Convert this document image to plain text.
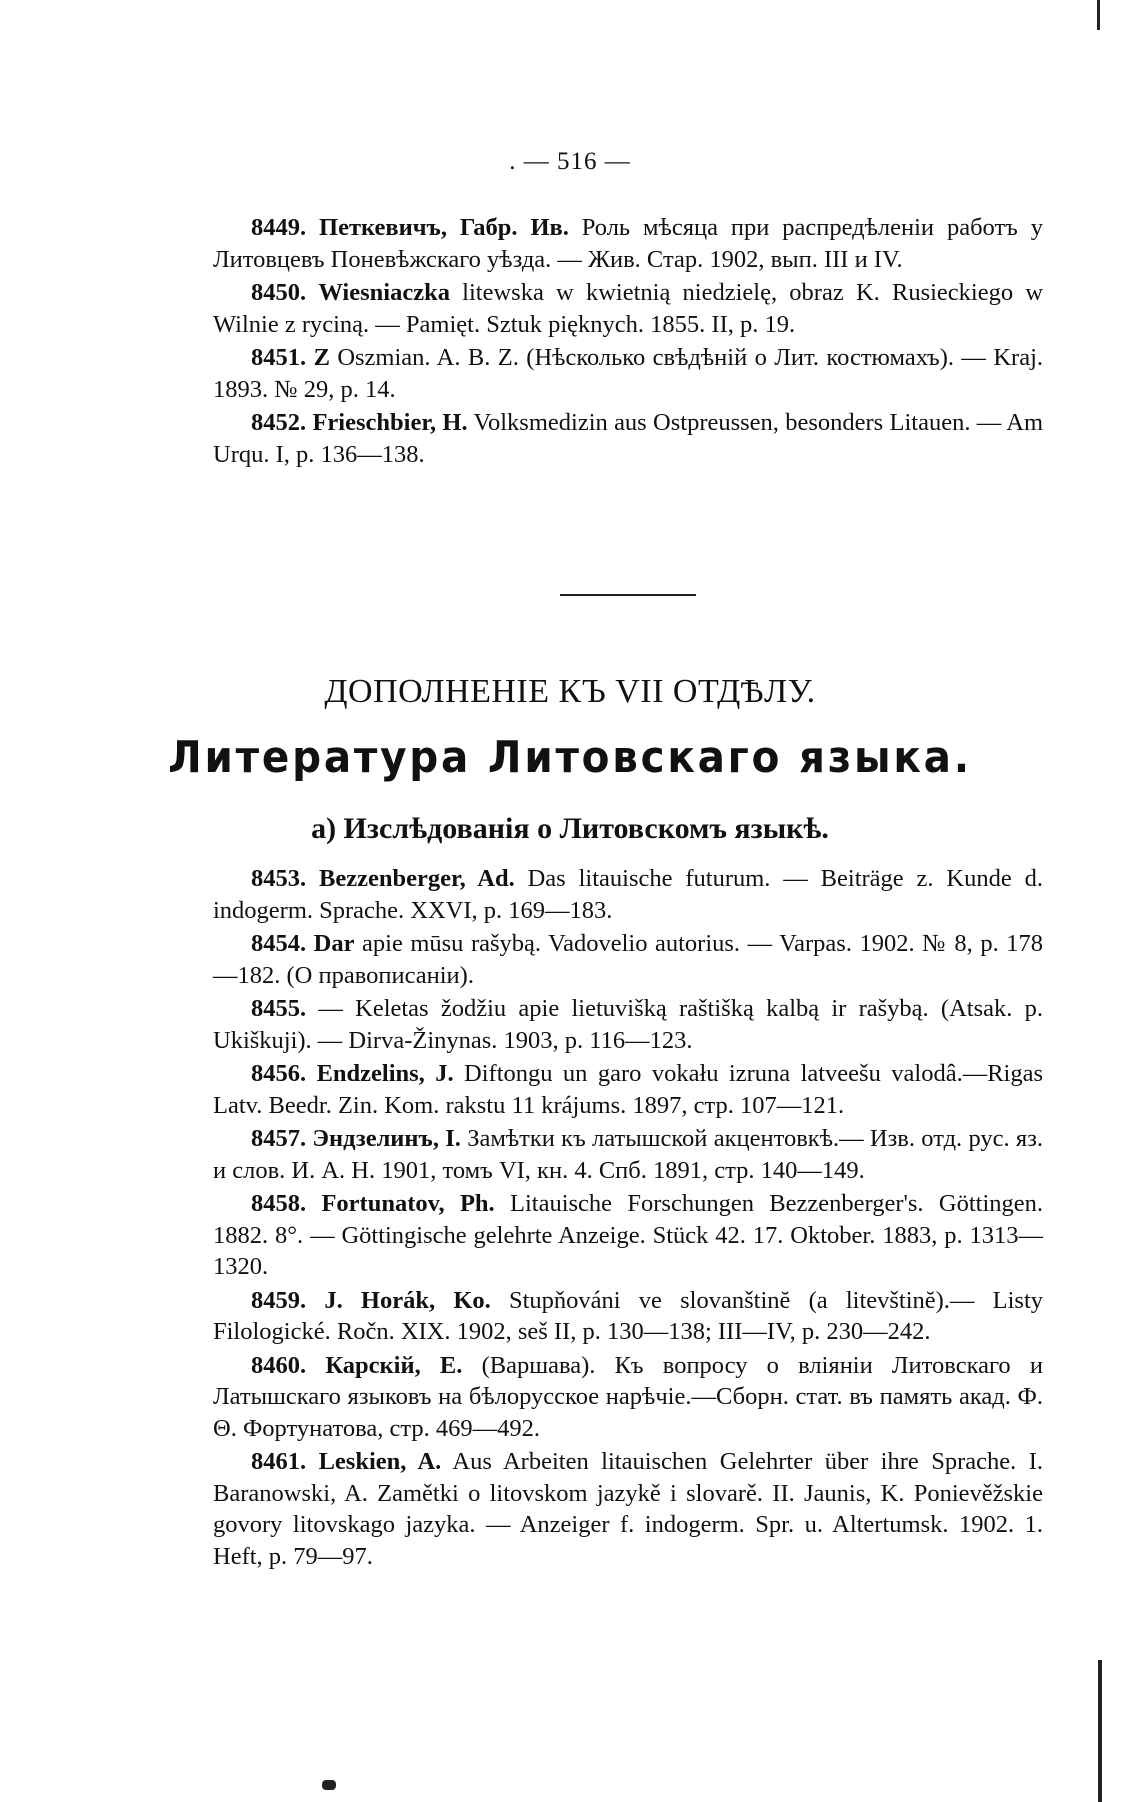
. — 516 —

8449. Петкевичъ, Габр. Ив. Роль мѣсяца при распредѣленіи работъ у Литовцевъ Поневѣжскаго уѣзда. — Жив. Стар. 1902, вып. III и IV.

8450. Wiesniaczka litewska w kwietnią niedzielę, obraz K. Rusieckiego w Wilnie z ryciną. — Pamięt. Sztuk pięknych. 1855. II, p. 19.

8451. Z Oszmian. A. B. Z. (Нѣсколько свѣдѣній о Лит. костюмахъ). — Kraj. 1893. № 29, p. 14.

8452. Frieschbier, H. Volksmedizin aus Ostpreussen, besonders Litauen. — Am Urqu. I, p. 136—138.

ДОПОЛНЕНІЕ КЪ VII ОТДѢЛУ.
Литература Литовскаго языка.
а) Изслѣдованія о Литовскомъ языкѣ.

8453. Bezzenberger, Ad. Das litauische futurum. — Beiträge z. Kunde d. indogerm. Sprache. XXVI, p. 169—183.

8454. Dar apie mūsu rašybą. Vadovelio autorius. — Varpas. 1902. № 8, p. 178—182. (О правописаніи).

8455. — Keletas žodžiu apie lietuvišką raštišką kalbą ir rašybą. (Atsak. p. Ukiškuji). — Dirva-Žinynas. 1903, p. 116—123.

8456. Endzelins, J. Diftongu un garo vokału izruna latveešu valodâ.—Rigas Latv. Beedr. Zin. Kom. rakstu 11 krájums. 1897, стр. 107—121.

8457. Эндзелинъ, I. Замѣтки къ латышской акцентовкѣ.— Изв. отд. рус. яз. и слов. И. А. Н. 1901, томъ VI, кн. 4. Спб. 1891, стр. 140—149.

8458. Fortunatov, Ph. Litauische Forschungen Bezzenberger's. Göttingen. 1882. 8°. — Göttingische gelehrte Anzeige. Stück 42. 17. Oktober. 1883, p. 1313—1320.

8459. J. Horák, Ko. Stupňováni ve slovanštinĕ (a litevštinĕ).— Listy Filologické. Ročn. XIX. 1902, seš II, p. 130—138; III—IV, p. 230—242.

8460. Карскій, Е. (Варшава). Къ вопросу о вліяніи Литовскаго и Латышскаго языковъ на бѣлорусское нарѣчіе.—Сборн. стат. въ память акад. Ф. Θ. Фортунатова, стр. 469—492.

8461. Leskien, A. Aus Arbeiten litauischen Gelehrter über ihre Sprache. I. Baranowski, A. Zamětki o litovskom jazykě i slovarě. II. Jaunis, K. Ponievěžskie govory litovskago jazyka. — Anzeiger f. indogerm. Spr. u. Altertumsk. 1902. 1. Heft, p. 79—97.
